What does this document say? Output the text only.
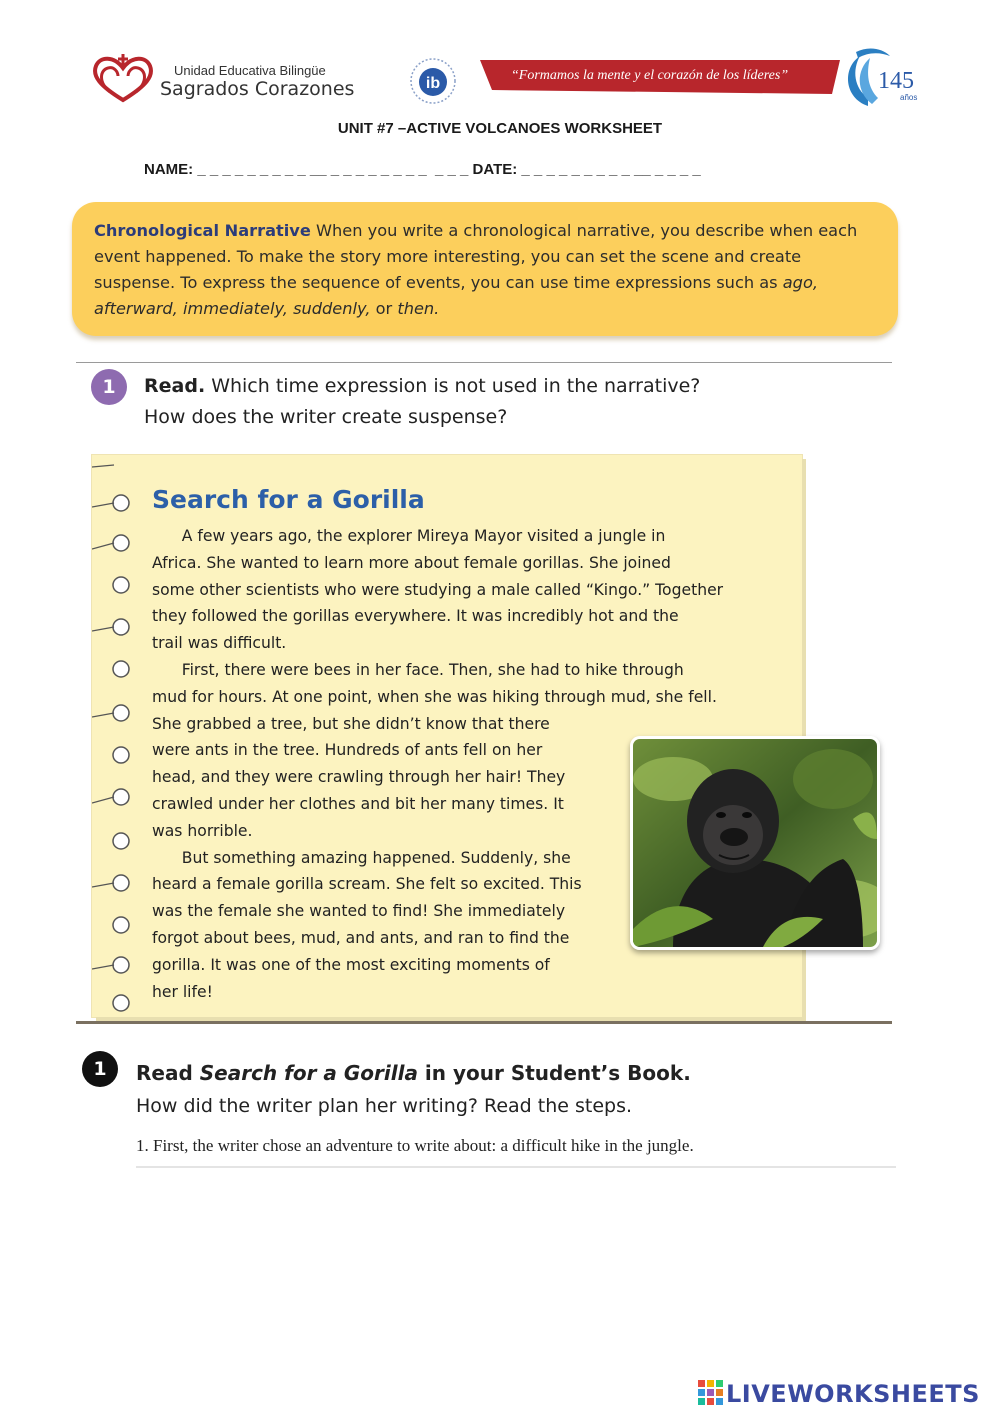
Unidad Educativa Bilingüe
Sagrados Corazones	ib	“Formamos la mente y el corazón de los líderes”	145
años
UNIT #7 –ACTIVE VOLCANOES WORKSHEET
NAME: _ _ _ _ _ _ _ _ _ __ _ _ _ _ _ _ _ _  _ _ _ DATE: _ _ _ _ _ _ _ _ _ __ _ _ _ _

Chronological Narrative When you write a chronological narrative, you describe when each event happened. To make the story more interesting, you can set the scene and create suspense. To express the sequence of events, you can use time expressions such as ago, afterward, immediately, suddenly, or then.

1	Read. Which time expression is not used in the narrative?
How does the writer create suspense?
Search for a Gorilla
A few years ago, the explorer Mireya Mayor visited a jungle in
Africa. She wanted to learn more about female gorillas. She joined
some other scientists who were studying a male called “Kingo.” Together
they followed the gorillas everywhere. It was incredibly hot and the
trail was difficult.
First, there were bees in her face. Then, she had to hike through
mud for hours. At one point, when she was hiking through mud, she fell.
She grabbed a tree, but she didn’t know that there
were ants in the tree. Hundreds of ants fell on her
head, and they were crawling through her hair! They
crawled under her clothes and bit her many times. It
was horrible.
But something amazing happened. Suddenly, she
heard a female gorilla scream. She felt so excited. This
was the female she wanted to find! She immediately
forgot about bees, mud, and ants, and ran to find the
gorilla. It was one of the most exciting moments of
her life!
1	Read Search for a Gorilla in your Student’s Book.
How did the writer plan her writing? Read the steps.
1. First, the writer chose an adventure to write about: a difficult hike in the jungle.
LIVEWORKSHEETS
